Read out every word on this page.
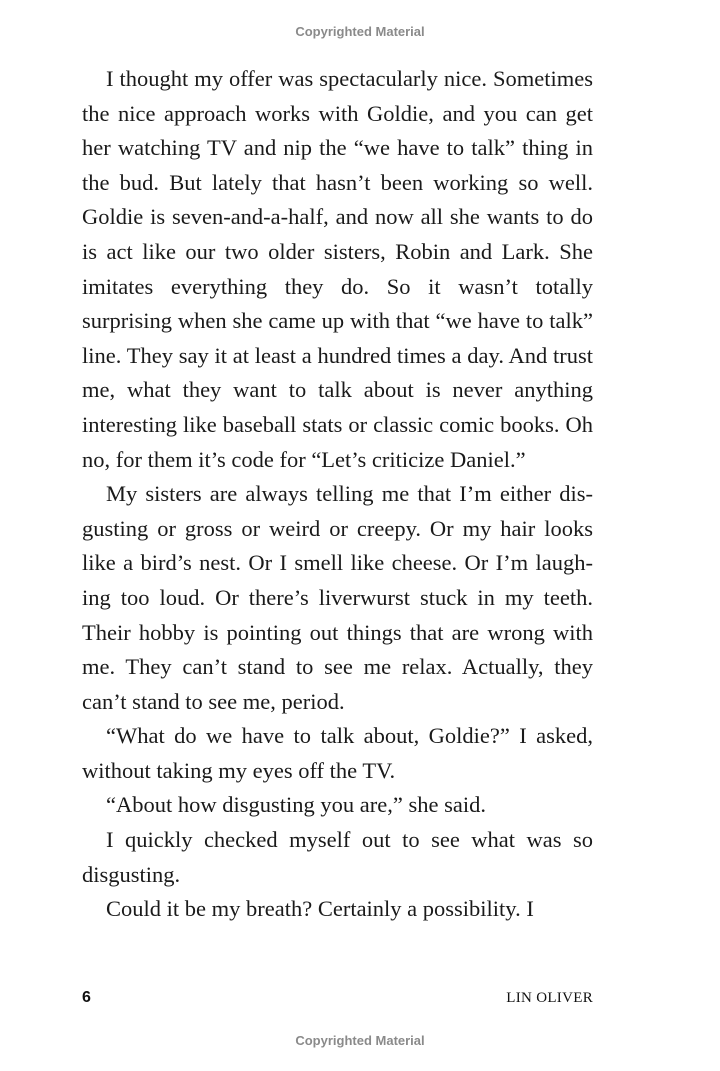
Copyrighted Material

I thought my offer was spectacularly nice. Sometimes the nice approach works with Goldie, and you can get her watching TV and nip the “we have to talk” thing in the bud. But lately that hasn’t been working so well. Goldie is seven-and-a-half, and now all she wants to do is act like our two older sisters, Robin and Lark. She imitates everything they do. So it wasn’t totally surprising when she came up with that “we have to talk” line. They say it at least a hundred times a day. And trust me, what they want to talk about is never anything interesting like baseball stats or classic comic books. Oh no, for them it’s code for “Let’s criticize Daniel.”

My sisters are always telling me that I’m either disgusting or gross or weird or creepy. Or my hair looks like a bird’s nest. Or I smell like cheese. Or I’m laughing too loud. Or there’s liverwurst stuck in my teeth. Their hobby is pointing out things that are wrong with me. They can’t stand to see me relax. Actually, they can’t stand to see me, period.

“What do we have to talk about, Goldie?” I asked, without taking my eyes off the TV.

“About how disgusting you are,” she said.

I quickly checked myself out to see what was so disgusting.

Could it be my breath? Certainly a possibility. I

6	LIN OLIVER
Copyrighted Material
